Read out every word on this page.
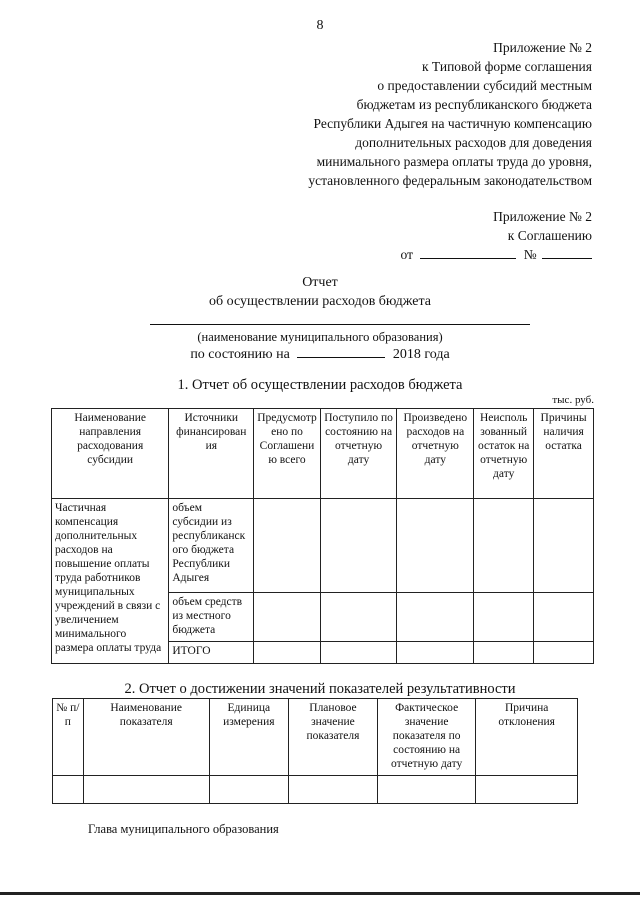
8
Приложение № 2
к Типовой форме соглашения
о предоставлении субсидий местным
бюджетам из республиканского бюджета
Республики Адыгея на частичную компенсацию
дополнительных расходов для доведения
минимального размера оплаты труда до уровня,
установленного федеральным законодательством
Приложение № 2
к Соглашению
от	№
Отчет
об осуществлении расходов бюджета
(наименование муниципального образования)
по состоянию на	2018 года
1. Отчет об осуществлении расходов бюджета
тыс. руб.
Наименование направления расходования субсидии	Источники финансирован ия	Предусмотр ено по Соглашени ю всего	Поступило по состоянию на отчетную дату	Произведено расходов на отчетную дату	Неисполь зованный остаток на отчетную дату	Причины наличия остатка
Частичная компенсация дополнительных расходов на повышение оплаты труда работников муниципальных учреждений в связи с увеличением минимального размера оплаты труда	объем субсидии из республиканск ого бюджета Республики Адыгея					
	объем средств из местного бюджета					
	ИТОГО					
2. Отчет о достижении значений показателей результативности
№ п/п	Наименование показателя	Единица измерения	Плановое значение показателя	Фактическое значение показателя по состоянию на отчетную дату	Причина отклонения

Глава муниципального образования
